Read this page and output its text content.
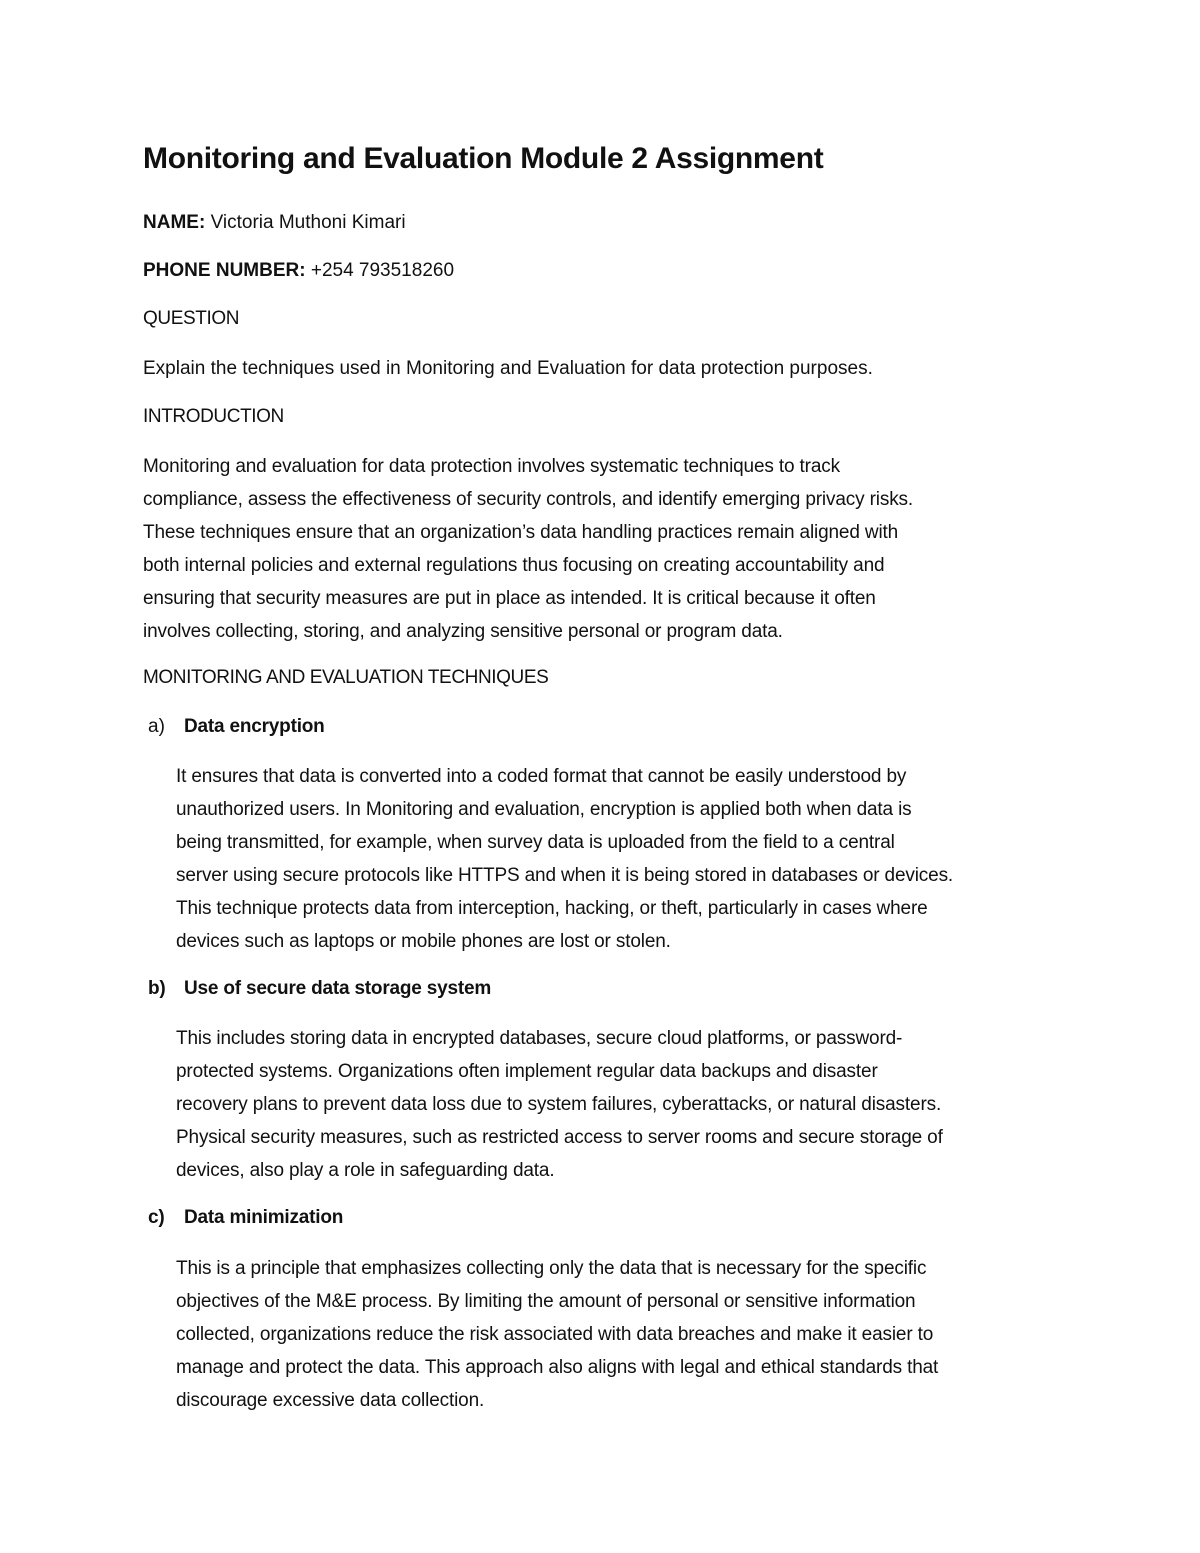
Monitoring and Evaluation Module 2 Assignment
NAME: Victoria Muthoni Kimari
PHONE NUMBER: +254 793518260
QUESTION
Explain the techniques used in Monitoring and Evaluation for data protection purposes.
INTRODUCTION
Monitoring and evaluation for data protection involves systematic techniques to track
compliance, assess the effectiveness of security controls, and identify emerging privacy risks.
These techniques ensure that an organization’s data handling practices remain aligned with
both internal policies and external regulations thus focusing on creating accountability and
ensuring that security measures are put in place as intended. It is critical because it often
involves collecting, storing, and analyzing sensitive personal or program data.
MONITORING AND EVALUATION TECHNIQUES
a) Data encryption
It ensures that data is converted into a coded format that cannot be easily understood by
unauthorized users. In Monitoring and evaluation, encryption is applied both when data is
being transmitted, for example, when survey data is uploaded from the field to a central
server using secure protocols like HTTPS and when it is being stored in databases or devices.
This technique protects data from interception, hacking, or theft, particularly in cases where
devices such as laptops or mobile phones are lost or stolen.
b) Use of secure data storage system
This includes storing data in encrypted databases, secure cloud platforms, or password-
protected systems. Organizations often implement regular data backups and disaster
recovery plans to prevent data loss due to system failures, cyberattacks, or natural disasters.
Physical security measures, such as restricted access to server rooms and secure storage of
devices, also play a role in safeguarding data.
c) Data minimization
This is a principle that emphasizes collecting only the data that is necessary for the specific
objectives of the M&E process. By limiting the amount of personal or sensitive information
collected, organizations reduce the risk associated with data breaches and make it easier to
manage and protect the data. This approach also aligns with legal and ethical standards that
discourage excessive data collection.
